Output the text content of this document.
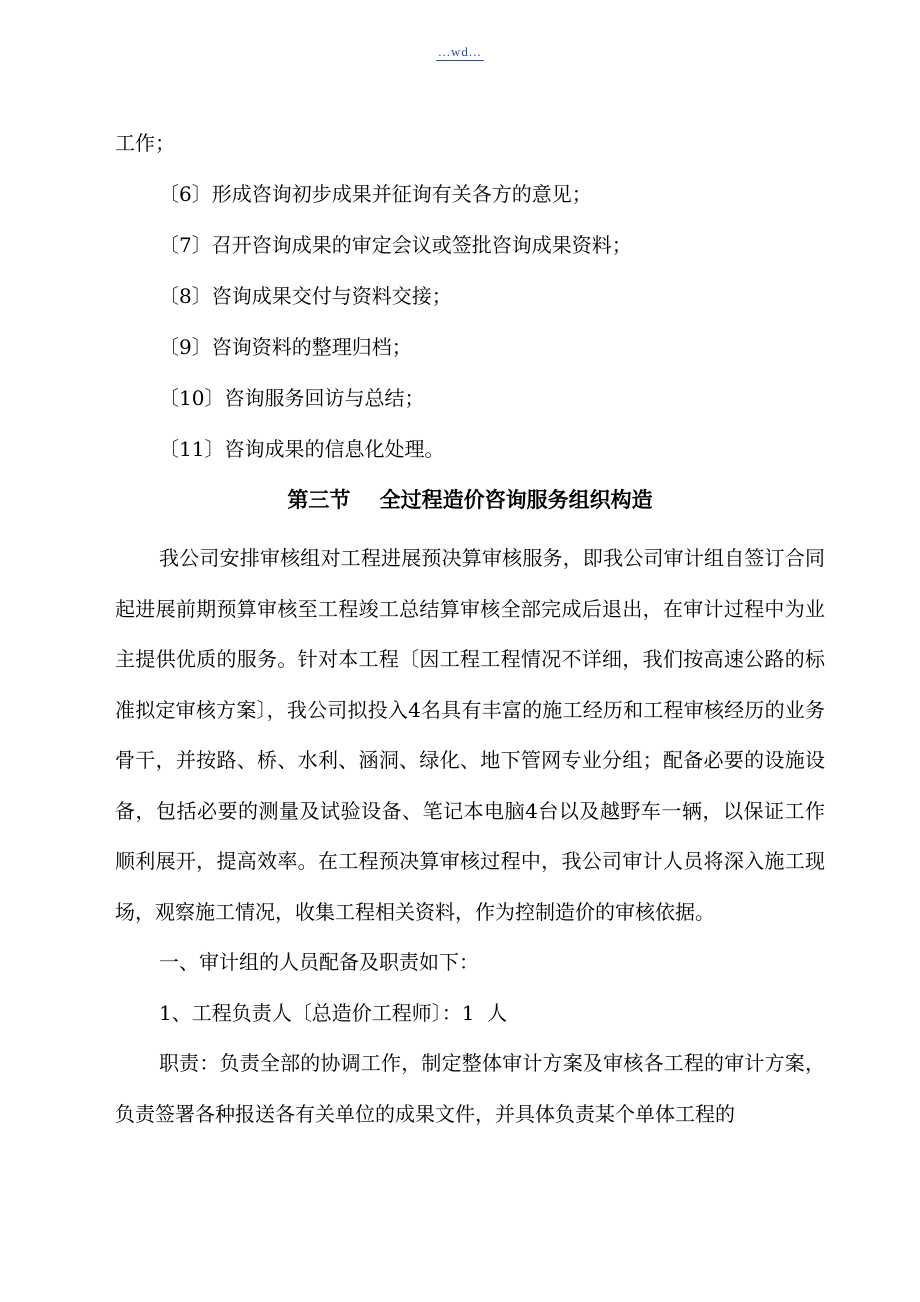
...wd...
工作；
〔6〕形成咨询初步成果并征询有关各方的意见；
〔7〕召开咨询成果的审定会议或签批咨询成果资料；
〔8〕咨询成果交付与资料交接；
〔9〕咨询资料的整理归档；
〔10〕咨询服务回访与总结；
〔11〕咨询成果的信息化处理。
第三节    全过程造价咨询服务组织构造

我公司安排审核组对工程进展预决算审核服务，即我公司审计组自签订合同起进展前期预算审核至工程竣工总结算审核全部完成后退出，在审计过程中为业主提供优质的服务。针对本工程〔因工程工程情况不详细，我们按高速公路的标准拟定审核方案〕，我公司拟投入4名具有丰富的施工经历和工程审核经历的业务骨干，并按路、桥、水利、涵洞、绿化、地下管网专业分组；配备必要的设施设备，包括必要的测量及试验设备、笔记本电脑4台以及越野车一辆，以保证工作顺利展开，提高效率。在工程预决算审核过程中，我公司审计人员将深入施工现场，观察施工情况，收集工程相关资料，作为控制造价的审核依据。

一、审计组的人员配备及职责如下：
1、工程负责人〔总造价工程师〕：1  人

职责：负责全部的协调工作，制定整体审计方案及审核各工程的审计方案，负责签署各种报送各有关单位的成果文件，并具体负责某个单体工程的
